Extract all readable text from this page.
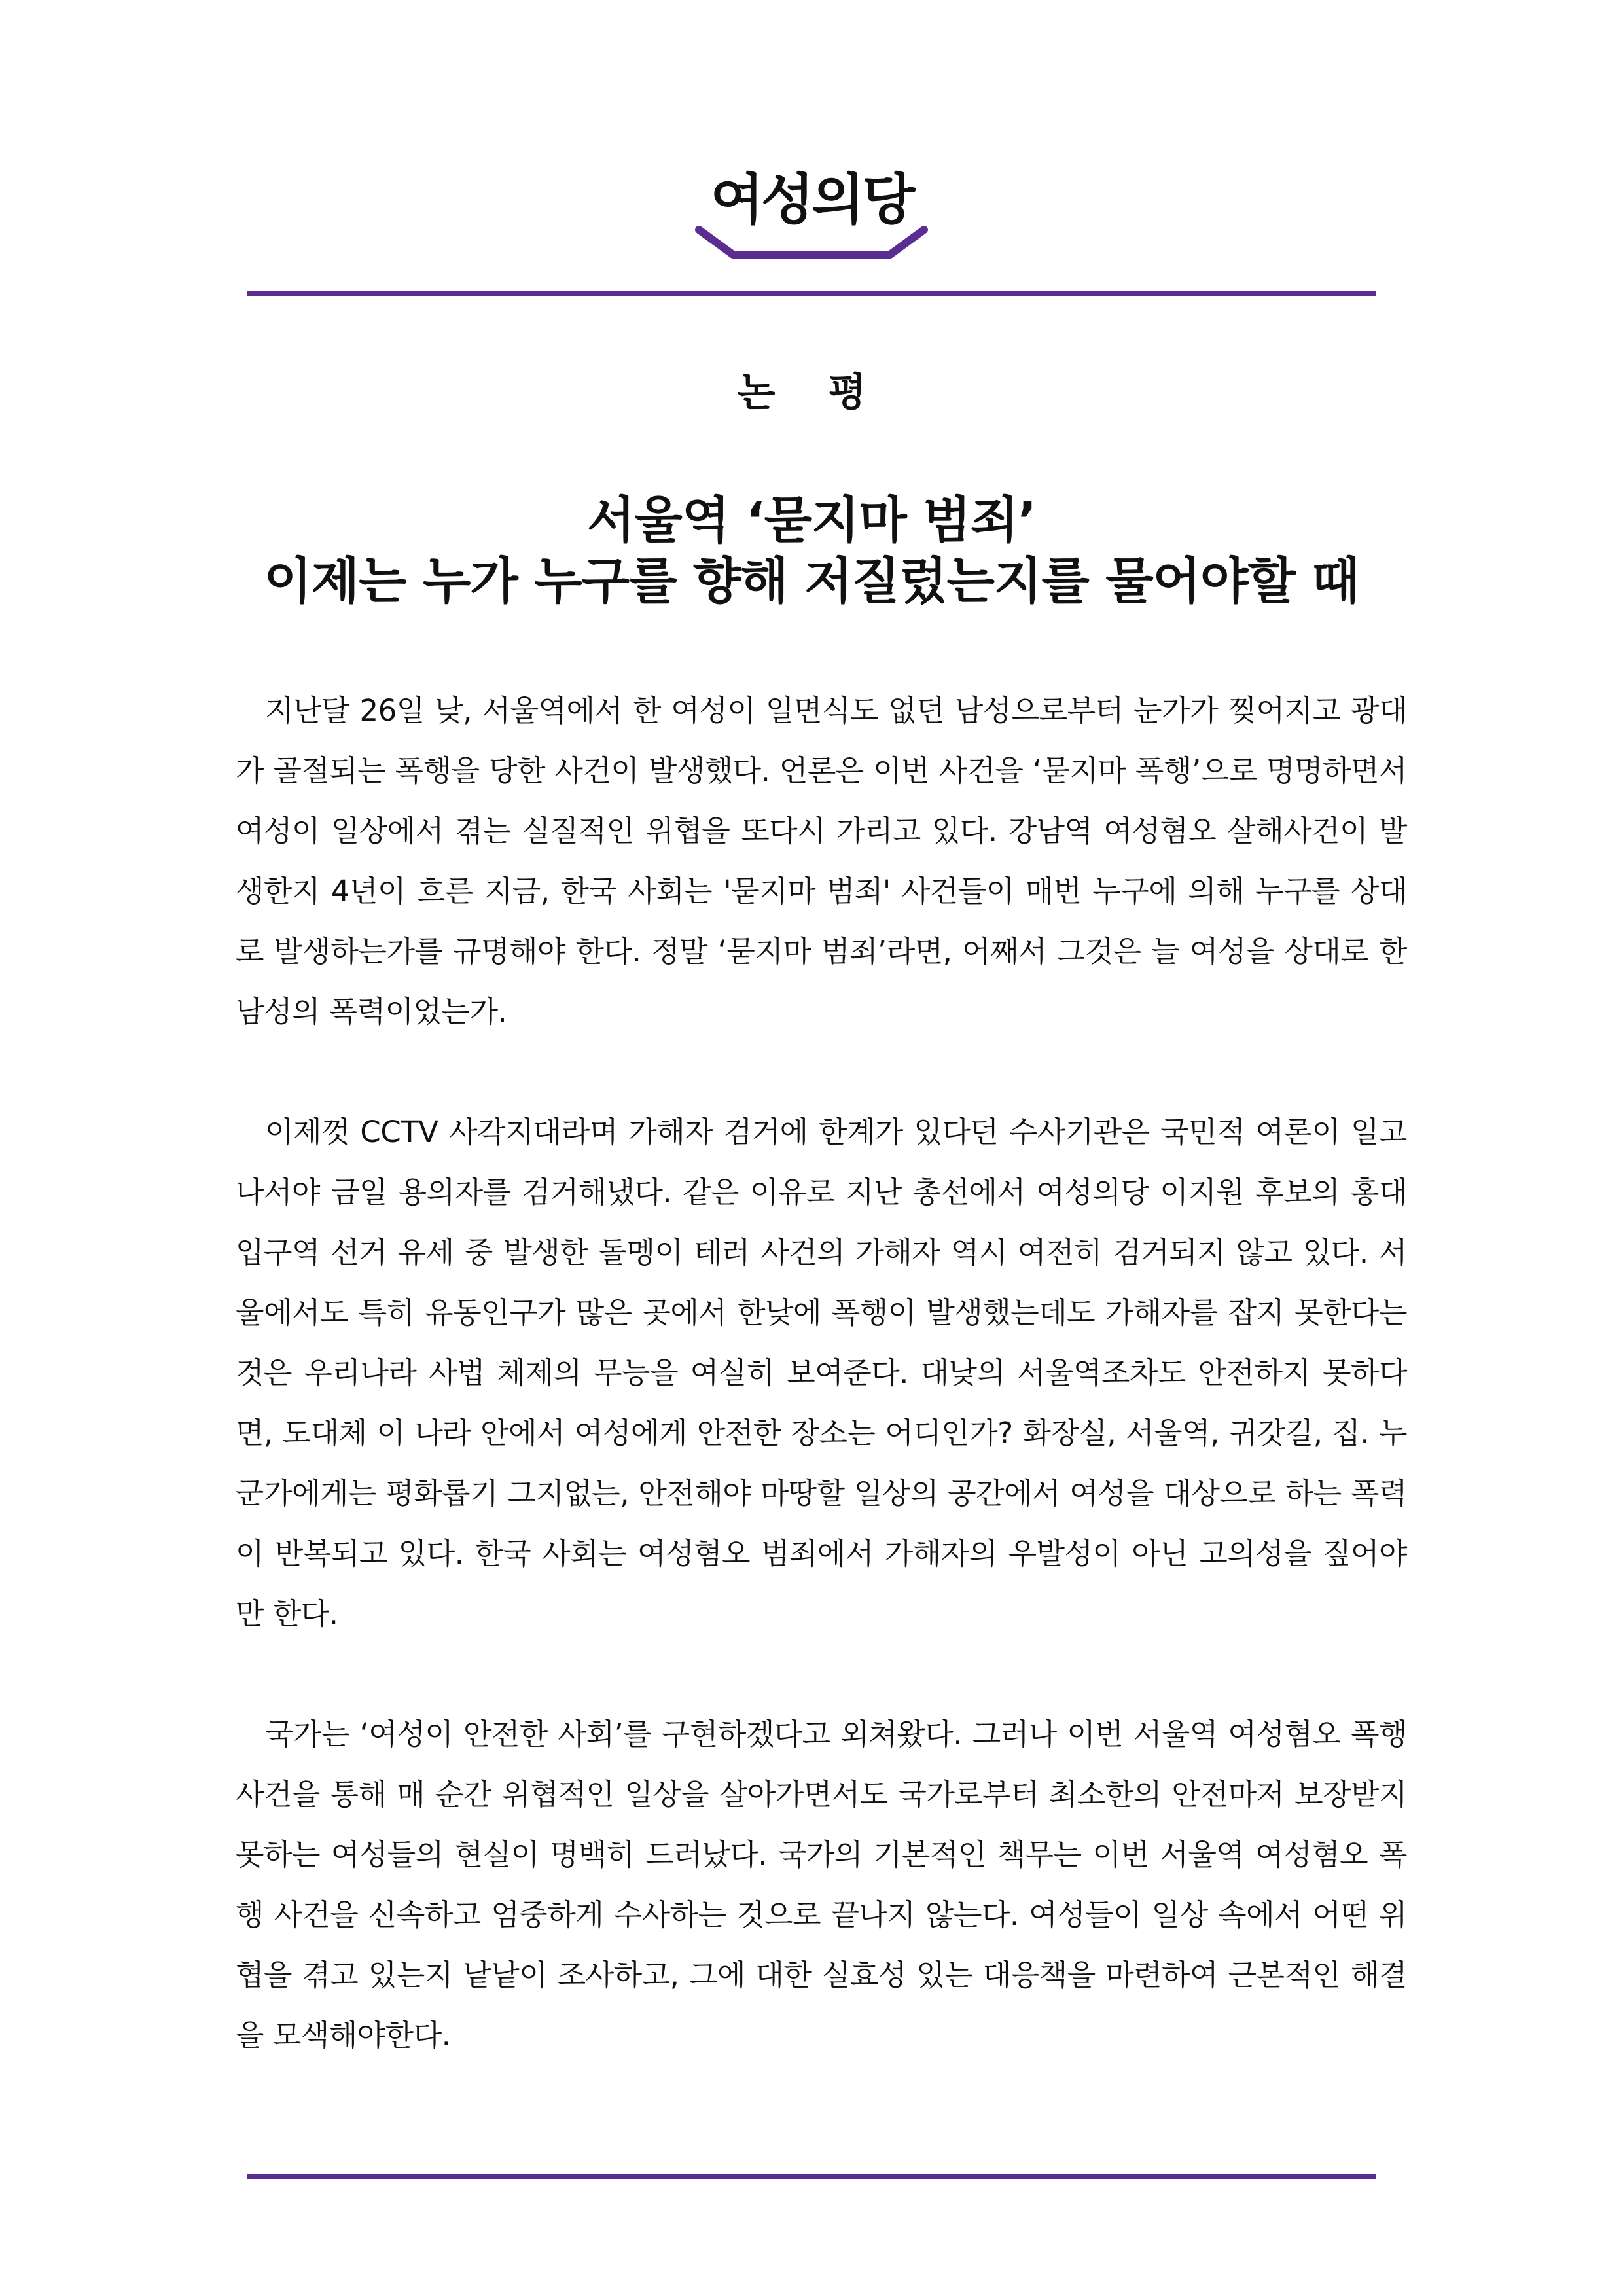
여성의당
논 평
서울역 ‘묻지마 범죄’
이제는 누가 누구를 향해 저질렀는지를 물어야할 때

지난달 26일 낮, 서울역에서 한 여성이 일면식도 없던 남성으로부터 눈가가 찢어지고 광대가 골절되는 폭행을 당한 사건이 발생했다. 언론은 이번 사건을 ‘묻지마 폭행’으로 명명하면서 여성이 일상에서 겪는 실질적인 위협을 또다시 가리고 있다. 강남역 여성혐오 살해사건이 발생한지 4년이 흐른 지금, 한국 사회는 '묻지마 범죄' 사건들이 매번 누구에 의해 누구를 상대로 발생하는가를 규명해야 한다. 정말 ‘묻지마 범죄’라면, 어째서 그것은 늘 여성을 상대로 한 남성의 폭력이었는가.

이제껏 CCTV 사각지대라며 가해자 검거에 한계가 있다던 수사기관은 국민적 여론이 일고 나서야 금일 용의자를 검거해냈다. 같은 이유로 지난 총선에서 여성의당 이지원 후보의 홍대입구역 선거 유세 중 발생한 돌멩이 테러 사건의 가해자 역시 여전히 검거되지 않고 있다. 서울에서도 특히 유동인구가 많은 곳에서 한낮에 폭행이 발생했는데도 가해자를 잡지 못한다는 것은 우리나라 사법 체제의 무능을 여실히 보여준다. 대낮의 서울역조차도 안전하지 못하다면, 도대체 이 나라 안에서 여성에게 안전한 장소는 어디인가? 화장실, 서울역, 귀갓길, 집. 누군가에게는 평화롭기 그지없는, 안전해야 마땅할 일상의 공간에서 여성을 대상으로 하는 폭력이 반복되고 있다. 한국 사회는 여성혐오 범죄에서 가해자의 우발성이 아닌 고의성을 짚어야만 한다.

국가는 ‘여성이 안전한 사회’를 구현하겠다고 외쳐왔다. 그러나 이번 서울역 여성혐오 폭행 사건을 통해 매 순간 위협적인 일상을 살아가면서도 국가로부터 최소한의 안전마저 보장받지 못하는 여성들의 현실이 명백히 드러났다. 국가의 기본적인 책무는 이번 서울역 여성혐오 폭행 사건을 신속하고 엄중하게 수사하는 것으로 끝나지 않는다. 여성들이 일상 속에서 어떤 위협을 겪고 있는지 낱낱이 조사하고, 그에 대한 실효성 있는 대응책을 마련하여 근본적인 해결을 모색해야한다.
